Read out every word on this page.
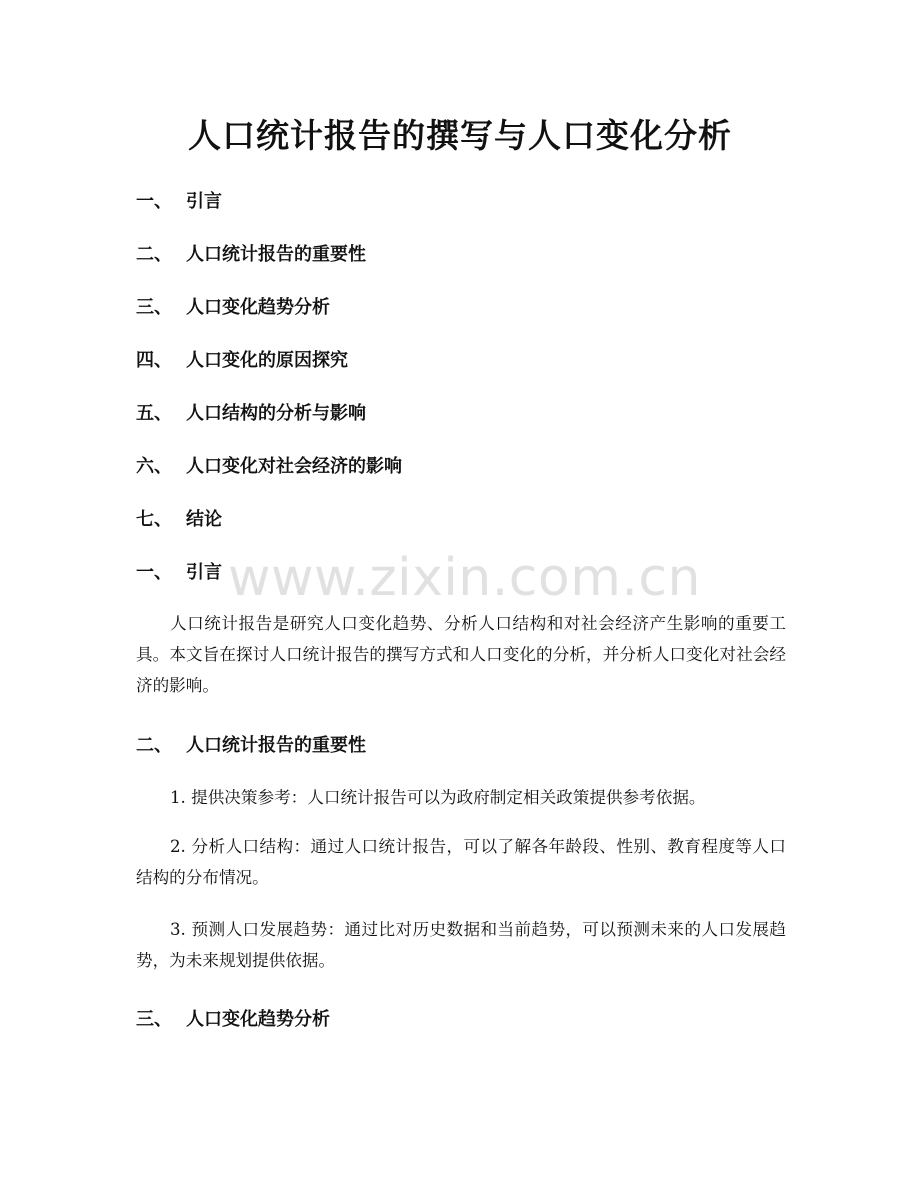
人口统计报告的撰写与人口变化分析
一、 引言
二、 人口统计报告的重要性
三、 人口变化趋势分析
四、 人口变化的原因探究
五、 人口结构的分析与影响
六、 人口变化对社会经济的影响
七、 结论
一、 引言

人口统计报告是研究人口变化趋势、分析人口结构和对社会经济产生影响的重要工具。本文旨在探讨人口统计报告的撰写方式和人口变化的分析，并分析人口变化对社会经济的影响。

二、 人口统计报告的重要性

1. 提供决策参考：人口统计报告可以为政府制定相关政策提供参考依据。

2. 分析人口结构：通过人口统计报告，可以了解各年龄段、性别、教育程度等人口结构的分布情况。

3. 预测人口发展趋势：通过比对历史数据和当前趋势，可以预测未来的人口发展趋势，为未来规划提供依据。

三、 人口变化趋势分析
www.zixin.com.cn
